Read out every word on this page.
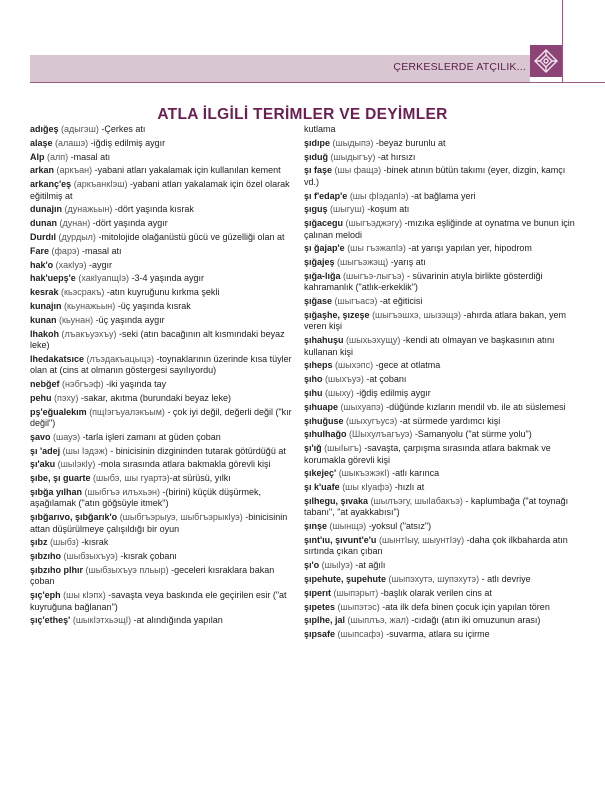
ÇERKESLERDE ATÇILIK...
ATLA İLGİLİ TERİMLER VE DEYİMLER
adığeş (адыгэш) -Çerkes atı
alaşe (алашэ) -iğdiş edilmiş aygır
Alp (алп) -masal atı
arkan (аркъан) -yabani atları yakalamak için kullanılan kement
arkanç'eş (аркъанкӀэш) -yabani atları yakalamak için özel olarak eğitilmiş at
dunajın (дунажьын) -dört yaşında kısrak
dunan (дунан) -dört yaşında aygır
Durdıl (дурдыл) -mitolojide olağanüstü gücü ve güzelliği olan at
Fare (фарэ) -masal atı
hak'o (хакӀуэ) -aygır
hak'uepş'e (хакӀуапщӀэ) -3-4 yaşında aygır
kesrak (кьэсракъ) -atın kuyruğunu kırkma şekli
kunajın (кьунажьын) -üç yaşında kısrak
kunan (кьунан) -üç yaşında aygır
lhakoh (лъакъуэхъу) -seki (atın bacağının alt kısmındaki beyaz leke)
lhedakatsıce (лъэдакъацыцэ) -toynaklarının üzerinde kısa tüyler olan at (cins at olmanın göstergesi sayılıyordu)
nebğef (нэбгъэф) -iki yaşında tay
pehu (пэху) -sakar, akıtma (burundaki beyaz leke)
pş'eğualekım (пщӀэгъуалэкъым) - çok iyi değil, değerli değil ("kır değil")
şavo (шауэ) -tarla işleri zamanı at güden çoban
şı 'adej (шы Ӏэдэж) - binicisinin dizgininden tutarak götürdüğü at
şı'aku (шыӀэкӀу) -mola sırasında atlara bakmakla görevli kişi
şıbe, şı guarte (шыбэ, шы гуартэ)-at sürüsü, yılkı
şıbğa yılhan (шыбгъэ илъхьэн) -(birini) küçük düşürmek, aşağılamak ("atın göğsüyle itmek")
şıbğarıvo, şıbğarık'o (шыбгъэрыуэ, шыбгъэрыкӀуэ) -binicisinin attan düşürülmeye çalışıldığı bir oyun
şıbz (шыбз) -kısrak
şıbzıho (шыбзыхъуэ) -kısrak çobanı
şıbzıho plhır (шыбзыхъуэ пльыр) -geceleri kısraklara bakan çoban
şıç'eph (шы кӀэпх) -savaşta veya baskında ele geçirilen esir ("at kuyruğuna bağlanan")
şıç'etheş' (шыкӀэтхьэщӀ) -at alındığında yapılan
kutlama
şıdıpe (шыдыпэ) -beyaz burunlu at
şıduğ (шыдыгъу) -at hırsızı
şı faşe (шы фащэ) -binek atının bütün takımı (eyer, dizgin, kamçı vd.)
şı f'edap'e (шы фӀэдапӀэ) -at bağlama yeri
şıguş (шыгуш) -koşum atı
şığacegu (шыгъэджэгу) -mızıka eşliğinde at oynatma ve bunun için çalınan melodi
şı ğajap'e (шы гъэжапӀэ) -at yarışı yapılan yer, hipodrom
şığajeş (шыгъэжэщ) -yarış atı
şığa-lığa (шыгъэ-лыгъэ) - süvarinin atıyla birlikte gösterdiği kahramanlık ("atlık-erkeklik")
şığase (шыгъасэ) -at eğiticisi
şığaşhe, şızeşe (шыгъэшхэ, шызэщэ) -ahırda atlara bakan, yem veren kişi
şıhahuşu (шыхьэхущу) -kendi atı olmayan ve başkasının atını kullanan kişi
şıheps (шыхэпс) -gece at otlatma
şıho (шыхъуэ) -at çobanı
şıhu (шыху) -iğdiş edilmiş aygır
şıhuape (шыхуапэ) -düğünde kızların mendil vb. ile atı süslemesi
şıhuğuse (шыхугъусэ) -at sürmede yardımcı kişi
şıhulhağo (Шыхулъагъуэ) -Samanyolu ("at sürme yolu")
şı'ığ (шыӀыгъ) -savaşta, çarpışma sırasında atlara bakmak ve korumakla görevli kişi
şıkejeç' (шыкъэжэкӀ) -atlı karınca
şı k'uafe (шы кӀуафэ) -hızlı at
şılhegu, şıvaka (шылъэгу, шыӀабакъэ) - kaplumbağa ("at toynağı tabanı", "at ayakkabısı")
şınşe (шынщэ) -yoksul ("atsız")
şınt'ıu, şıvunt'e'u (шынтӀыу, шыунтӀэу) -daha çok ilkbaharda atın sırtında çıkan çıban
şı'o (шыӀуэ) -at ağılı
şıpehute, şupehute (шыпэхутэ, шупэхутэ) - atlı devriye
şıperıt (шыпэрыт) -başlık olarak verilen cins at
şıpetes (шыпэтэс) -ata ilk defa binen çocuk için yapılan tören
şıplhe, jal (шыплъэ, жал) -cıdağı (atın iki omuzunun arası)
şıpsafe (шыпсафэ) -suvarma, atlara su içirme
